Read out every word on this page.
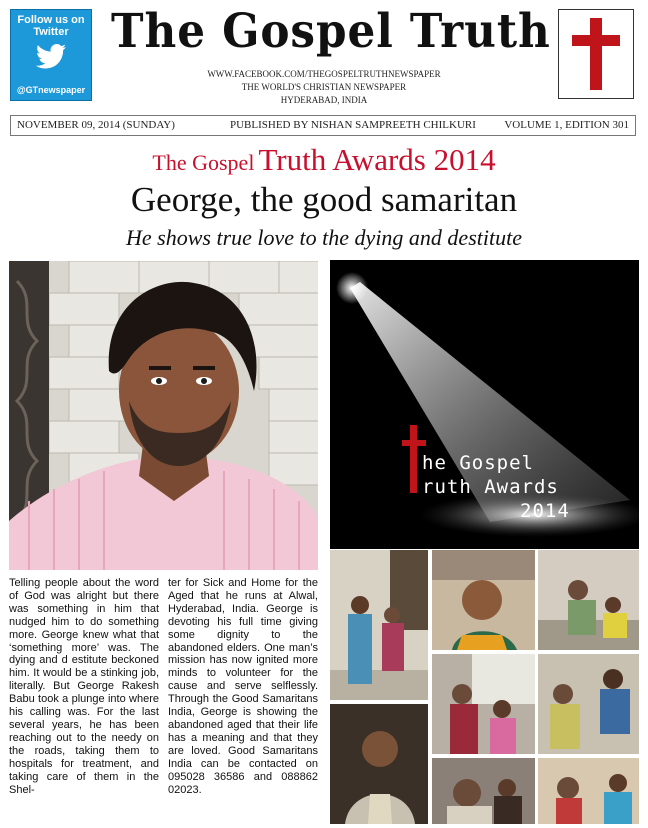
Follow us on
Twitter
@GTnewspaper
The Gospel Truth
WWW.FACEBOOK.COM/THEGOSPELTRUTHNEWSPAPER
THE WORLD'S CHRISTIAN NEWSPAPER
HYDERABAD, INDIA
NOVEMBER 09, 2014 (SUNDAY)	PUBLISHED BY NISHAN SAMPREETH CHILKURI	VOLUME 1, EDITION 301
The Gospel Truth Awards 2014
George, the good samaritan
He shows true love to the dying and destitute
he Gospel
ruth Awards
2014
Telling people about the word of God was alright but there was something in him that nudged him to do something more. George knew what that ‘something more’ was. The dying and d estitute beckoned him. It would be a stinking job, literally. But George Rakesh Babu took a plunge into where his calling was. For the last several years, he has been reaching out to the needy on the roads, taking them to hospitals for treatment, and taking care of them in the Shel-
ter for Sick and Home for the Aged that he runs at Alwal, Hyderabad, India. George is devoting his full time giving some dignity to the abandoned elders. One man’s mission has now ignited more minds to volunteer for the cause and serve selflessly. Through the Good Samaritans India, George is showing the abandoned aged that their life has a meaning and that they are loved. Good Samaritans India can be contacted on 095028 36586 and 088862 02023.
